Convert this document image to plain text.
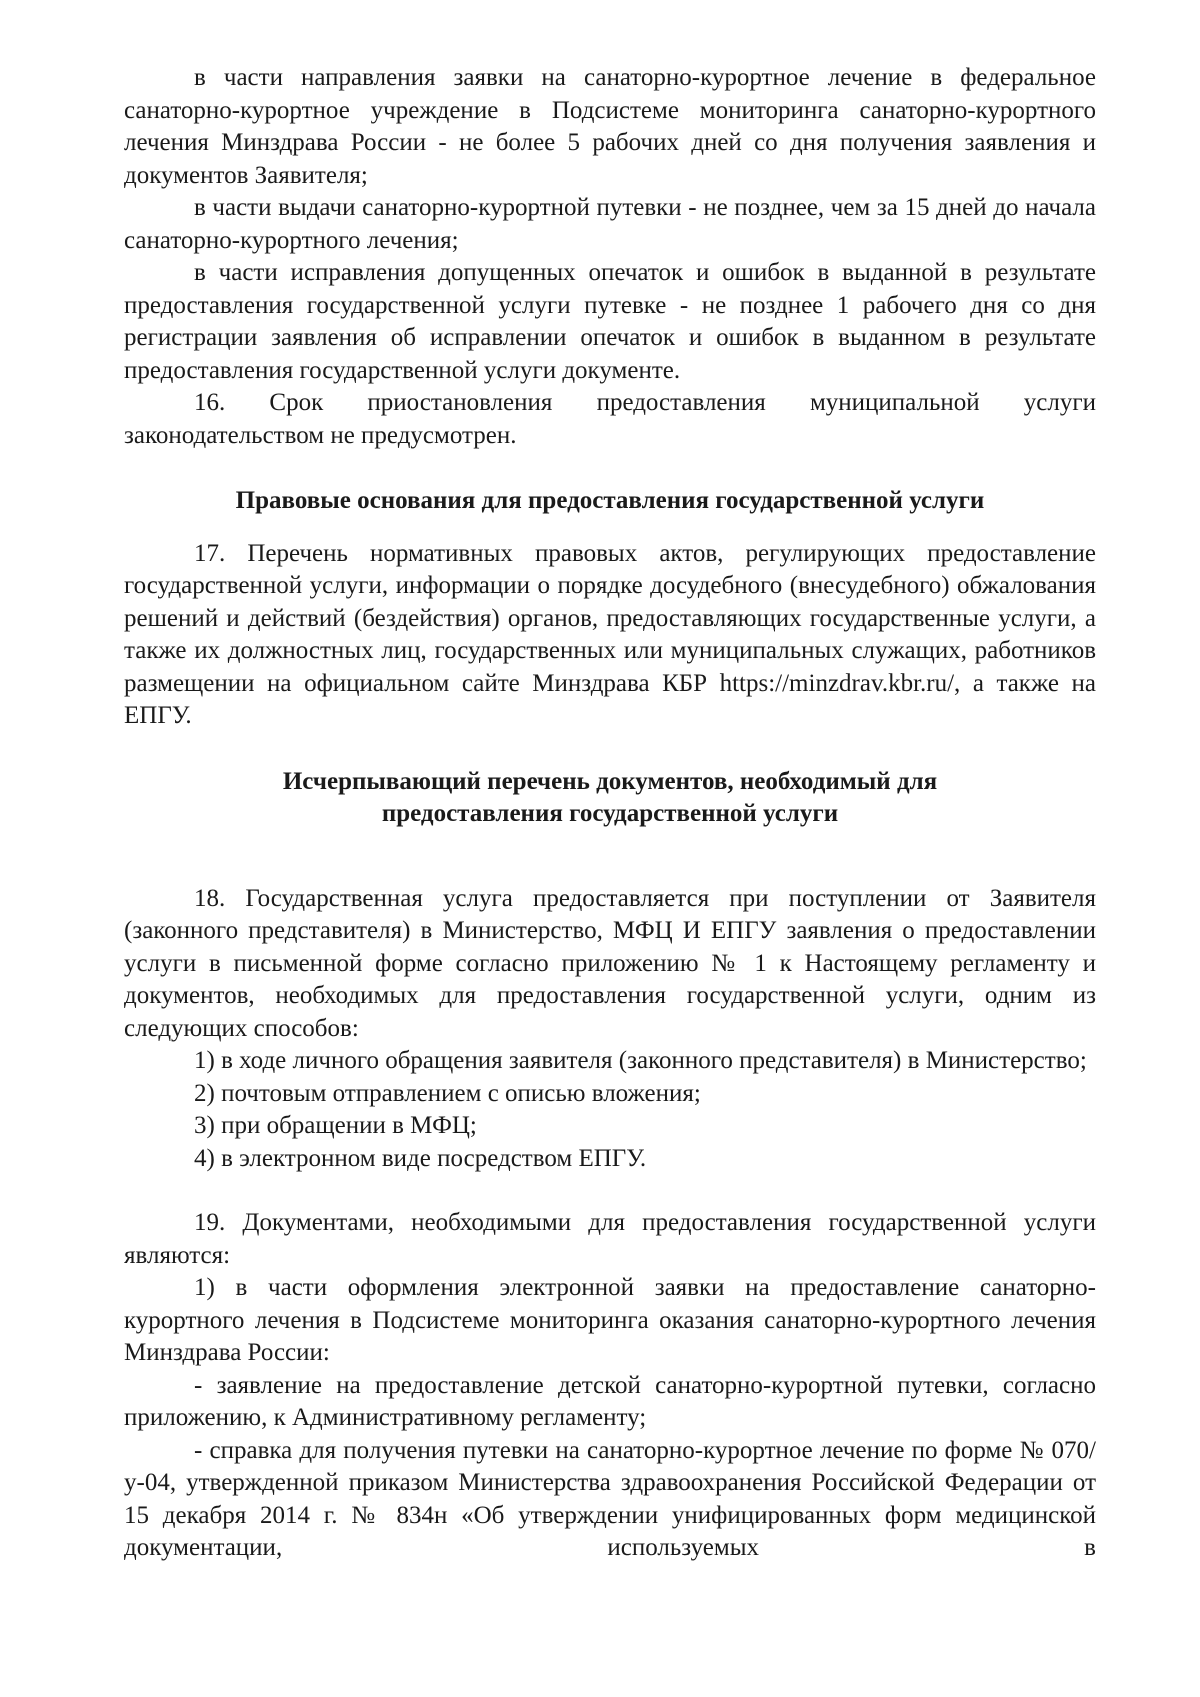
в части направления заявки на санаторно-курортное лечение в федеральное санаторно-курортное учреждение в Подсистеме мониторинга санаторно-курортного лечения Минздрава России - не более 5 рабочих дней со дня получения заявления и документов Заявителя;

в части выдачи санаторно-курортной путевки - не позднее, чем за 15 дней до начала санаторно-курортного лечения;

в части исправления допущенных опечаток и ошибок в выданной в результате предоставления государственной услуги путевке - не позднее 1 рабочего дня со дня регистрации заявления об исправлении опечаток и ошибок в выданном в результате предоставления государственной услуги документе.

16. Срок приостановления предоставления муниципальной услуги законодательством не предусмотрен.

Правовые основания для предоставления государственной услуги

17. Перечень нормативных правовых актов, регулирующих предоставление государственной услуги, информации о порядке досудебного (внесудебного) обжалования решений и действий (бездействия) органов, предоставляющих государственные услуги, а также их должностных лиц, государственных или муниципальных служащих, работников размещении на официальном сайте Минздрава КБР https://minzdrav.kbr.ru/, а также на ЕПГУ.

Исчерпывающий перечень документов, необходимый для

предоставления государственной услуги

18. Государственная услуга предоставляется при поступлении от Заявителя (законного представителя) в Министерство, МФЦ И ЕПГУ заявления о предоставлении услуги в письменной форме согласно приложению № 1 к Настоящему регламенту и документов, необходимых для предоставления государственной услуги, одним из следующих способов:

1) в ходе личного обращения заявителя (законного представителя) в Министерство;

2) почтовым отправлением с описью вложения;

3) при обращении в МФЦ;

4) в электронном виде посредством ЕПГУ.

19. Документами, необходимыми для предоставления государственной услуги являются:

1) в части оформления электронной заявки на предоставление санаторно-курортного лечения в Подсистеме мониторинга оказания санаторно-курортного лечения Минздрава России:

- заявление на предоставление детской санаторно-курортной путевки, согласно приложению, к Административному регламенту;

- справка для получения путевки на санаторно-курортное лечение по форме № 070/у-04, утвержденной приказом Министерства здравоохранения Российской Федерации от 15 декабря 2014 г. № 834н «Об утверждении унифицированных форм медицинской документации, используемых в
